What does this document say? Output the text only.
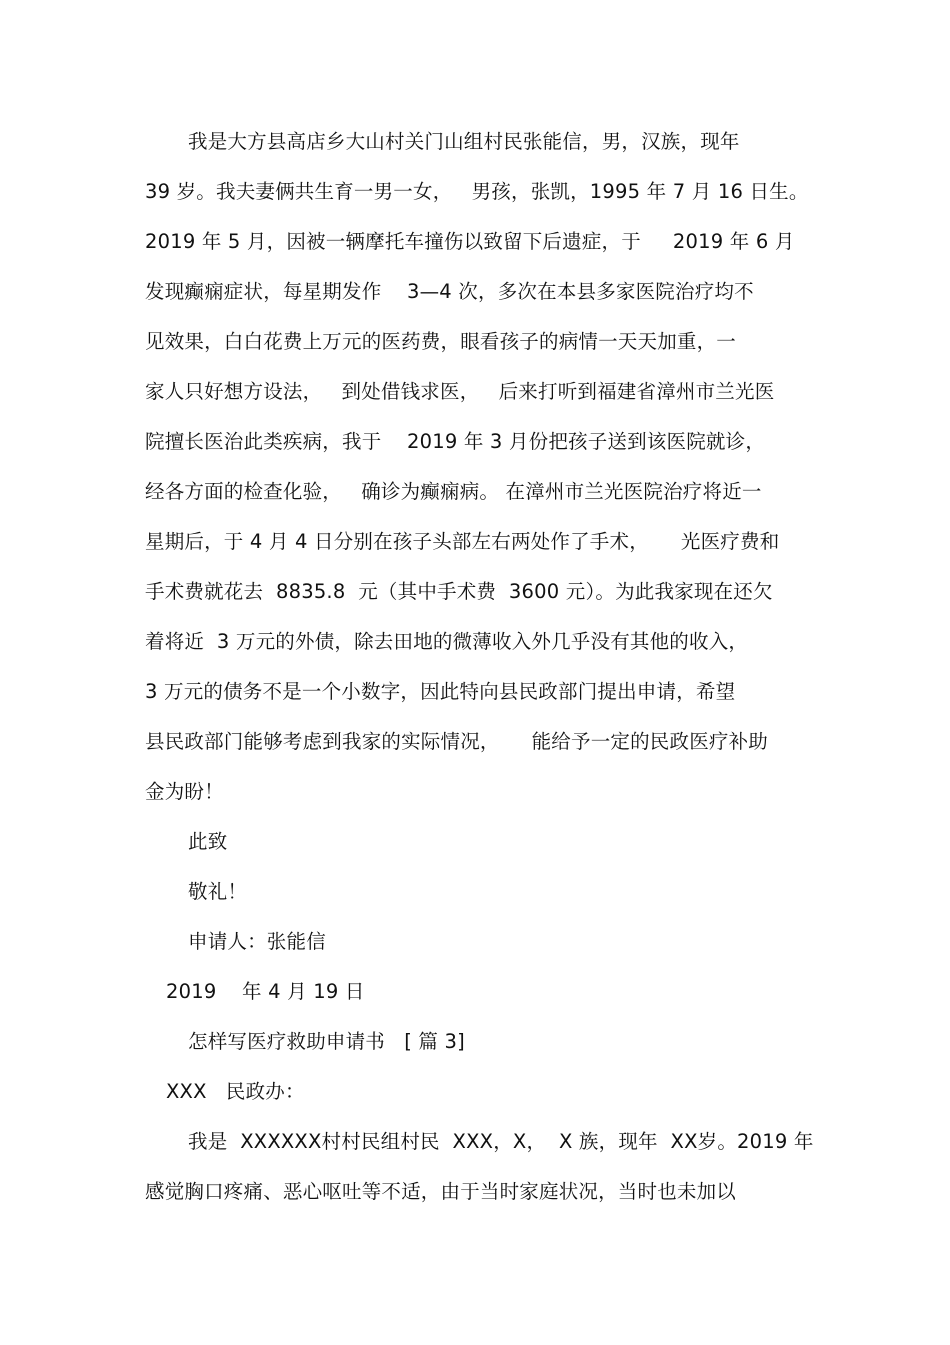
我是大方县高店乡大山村关门山组村民张能信，男，汉族，现年
39 岁。我夫妻俩共生育一男一女，   男孩，张凯，1995 年 7 月 16 日生。
2019 年 5 月，因被一辆摩托车撞伤以致留下后遗症，于     2019 年 6 月
发现癫痫症状，每星期发作    3—4 次，多次在本县多家医院治疗均不
见效果，白白花费上万元的医药费，眼看孩子的病情一天天加重，一
家人只好想方设法，   到处借钱求医，   后来打听到福建省漳州市兰光医
院擅长医治此类疾病，我于    2019 年 3 月份把孩子送到该医院就诊，
经各方面的检查化验，   确诊为癫痫病。 在漳州市兰光医院治疗将近一
星期后，于 4 月 4 日分别在孩子头部左右两处作了手术，     光医疗费和
手术费就花去  8835.8  元（其中手术费  3600 元）。为此我家现在还欠
着将近  3 万元的外债，除去田地的微薄收入外几乎没有其他的收入，
3 万元的债务不是一个小数字，因此特向县民政部门提出申请，希望
县民政部门能够考虑到我家的实际情况，     能给予一定的民政医疗补助
金为盼！
此致
敬礼！
申请人：张能信
2019    年 4 月 19 日
怎样写医疗救助申请书   [ 篇 3]
XXX   民政办：
我是  XXXXXX村村民组村民  XXX，X，  X 族，现年  XX岁。2019 年
感觉胸口疼痛、恶心呕吐等不适，由于当时家庭状况，当时也未加以
